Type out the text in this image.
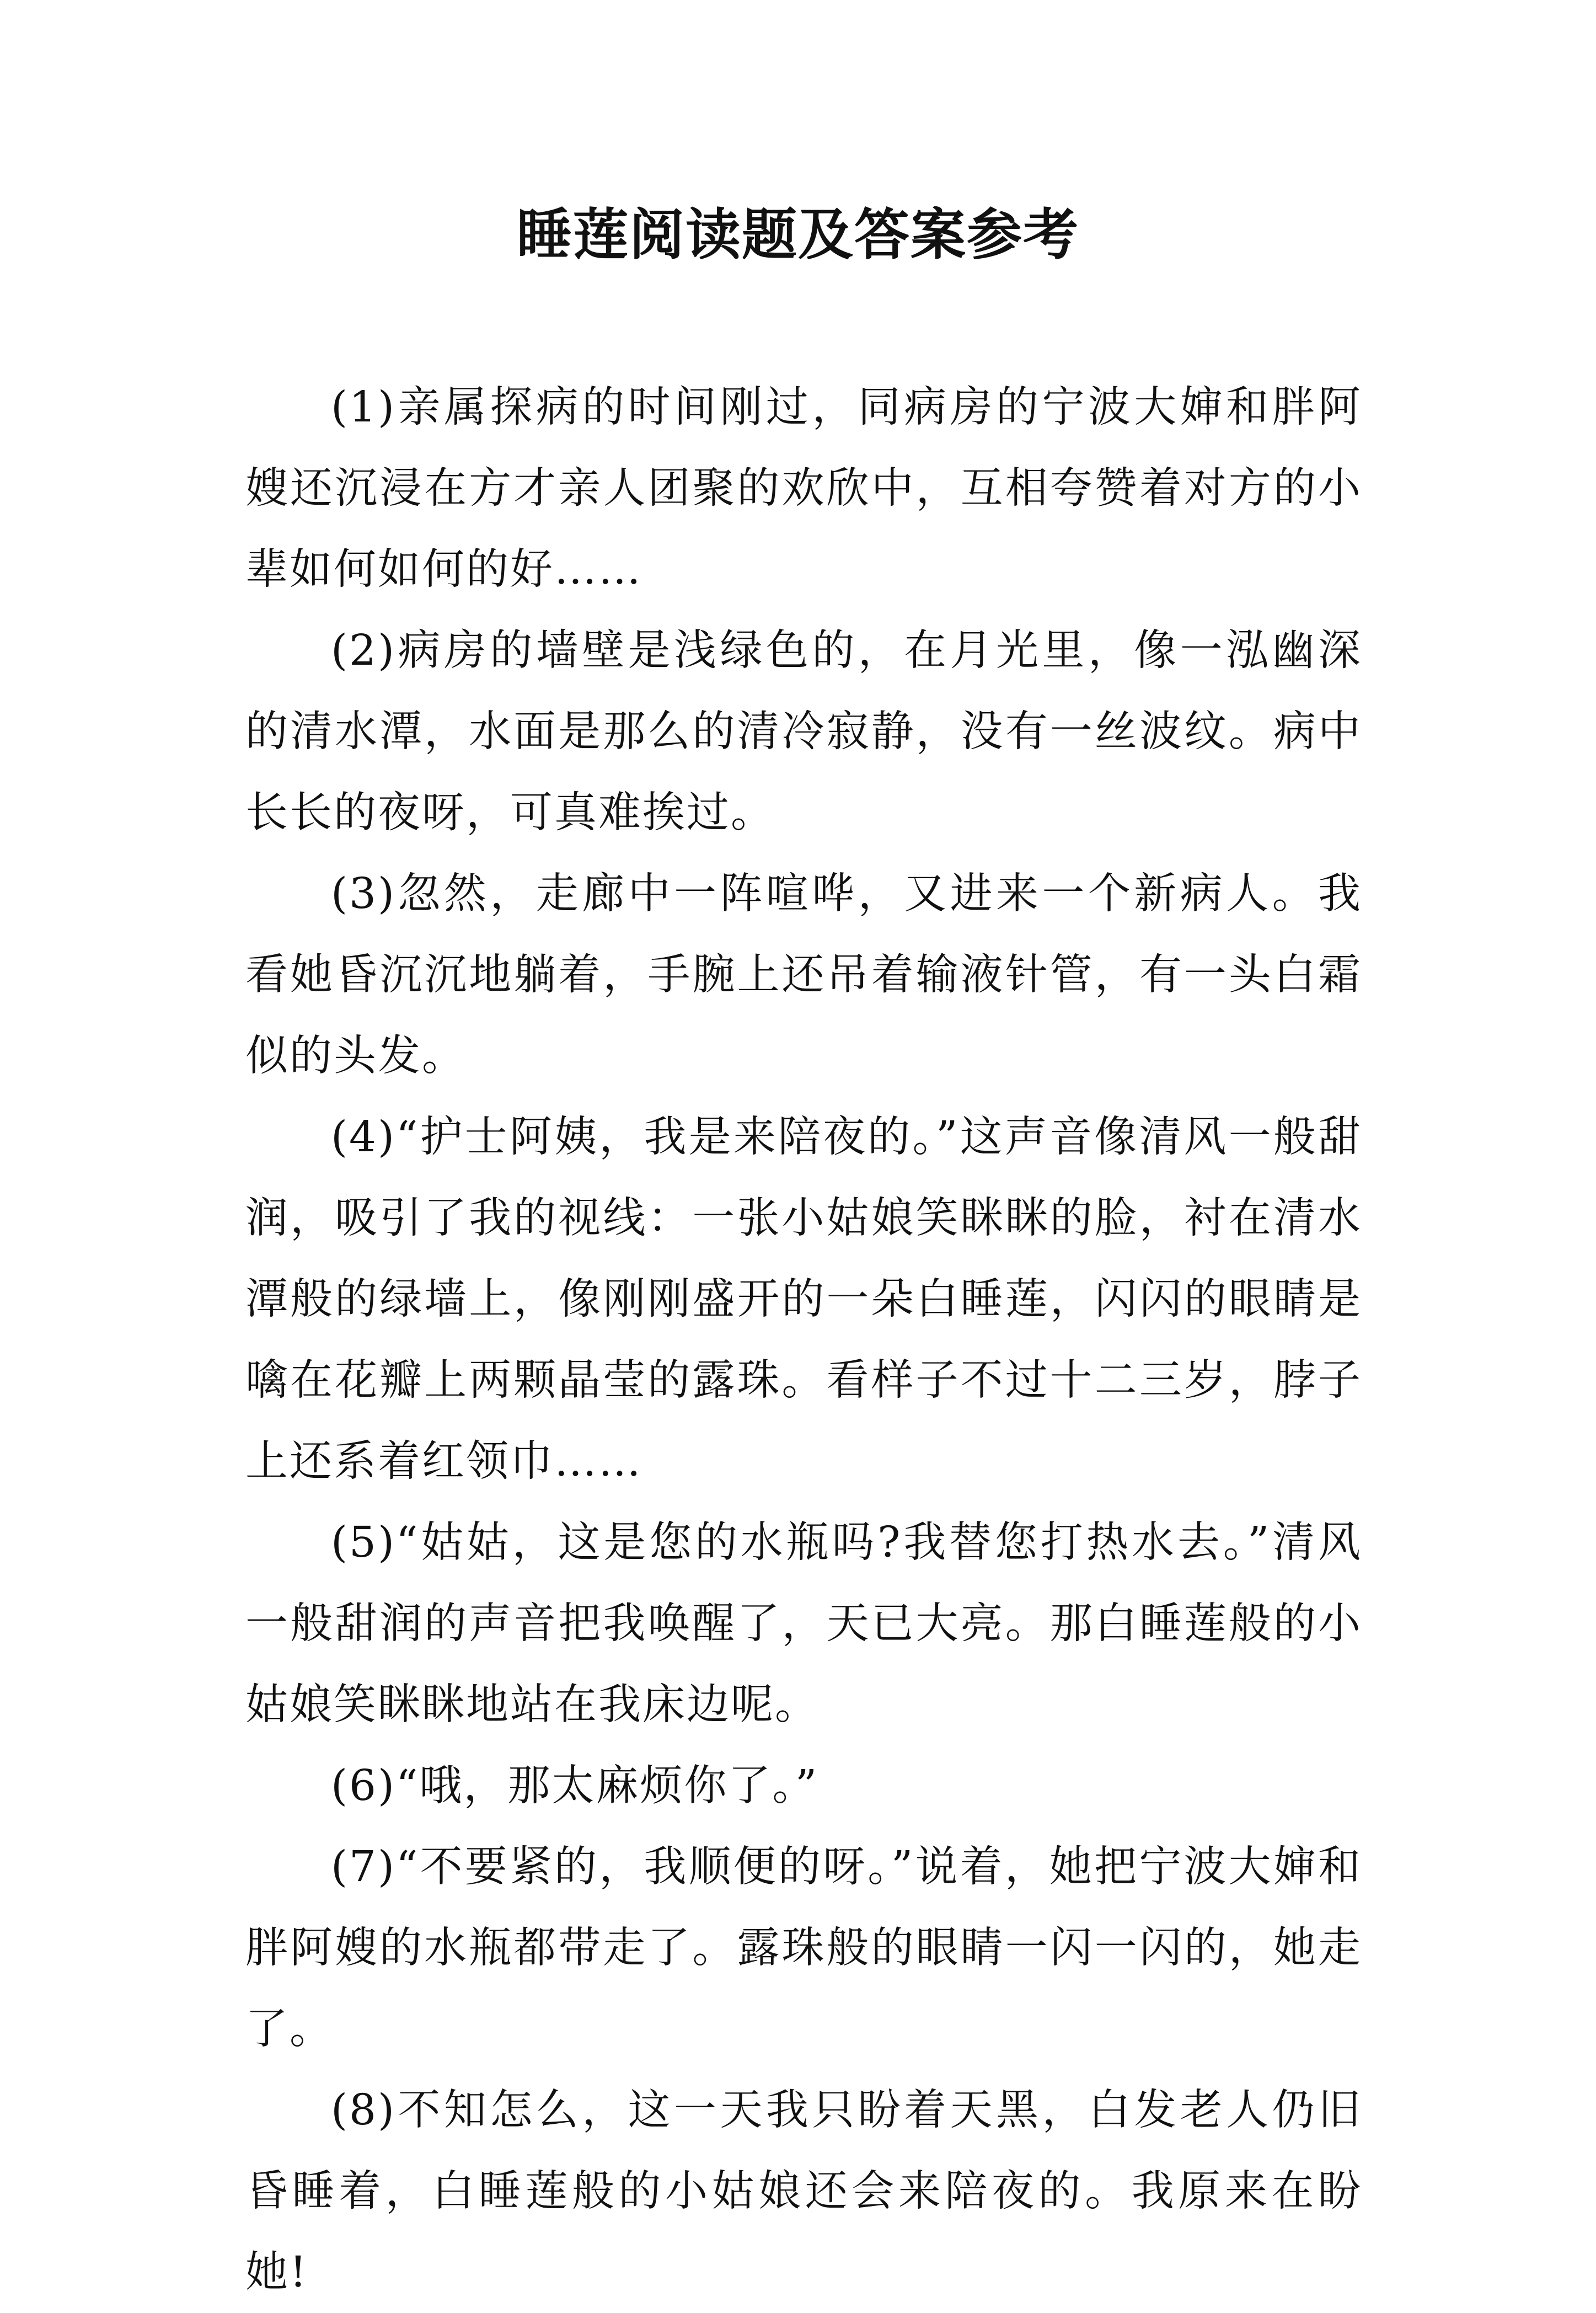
睡莲阅读题及答案参考

(1)亲属探病的时间刚过，同病房的宁波大婶和胖阿嫂还沉浸在方才亲人团聚的欢欣中，互相夸赞着对方的小辈如何如何的好……

(2)病房的墙壁是浅绿色的，在月光里，像一泓幽深的清水潭，水面是那么的清冷寂静，没有一丝波纹。病中长长的夜呀，可真难挨过。

(3)忽然，走廊中一阵喧哗，又进来一个新病人。我看她昏沉沉地躺着，手腕上还吊着输液针管，有一头白霜似的头发。

(4)“护士阿姨，我是来陪夜的。”这声音像清风一般甜润，吸引了我的视线：一张小姑娘笑眯眯的脸，衬在清水潭般的绿墙上，像刚刚盛开的一朵白睡莲，闪闪的眼睛是噙在花瓣上两颗晶莹的露珠。看样子不过十二三岁，脖子上还系着红领巾……

(5)“姑姑，这是您的水瓶吗?我替您打热水去。”清风一般甜润的声音把我唤醒了，天已大亮。那白睡莲般的小姑娘笑眯眯地站在我床边呢。

(6)“哦，那太麻烦你了。”

(7)“不要紧的，我顺便的呀。”说着，她把宁波大婶和胖阿嫂的水瓶都带走了。露珠般的眼睛一闪一闪的，她走了。

(8)不知怎么，这一天我只盼着天黑，白发老人仍旧昏睡着，白睡莲般的小姑娘还会来陪夜的。我原来在盼她!
